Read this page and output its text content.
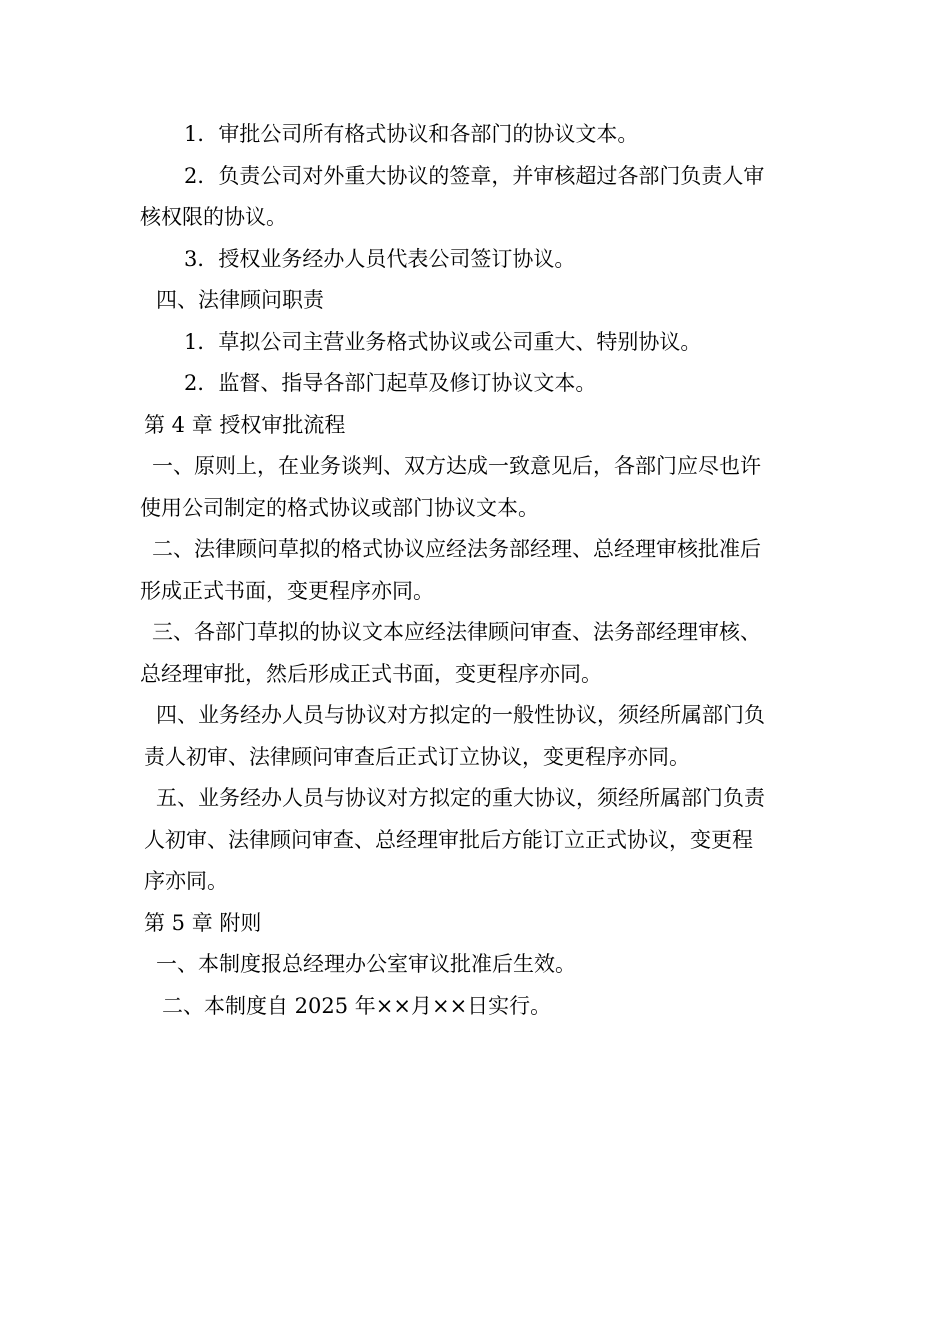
1．审批公司所有格式协议和各部门的协议文本。

2．负责公司对外重大协议的签章，并审核超过各部门负责人审

核权限的协议。

3．授权业务经办人员代表公司签订协议。

四、法律顾问职责

1．草拟公司主营业务格式协议或公司重大、特别协议。

2．监督、指导各部门起草及修订协议文本。

第 4 章 授权审批流程

一、原则上，在业务谈判、双方达成一致意见后，各部门应尽也许

使用公司制定的格式协议或部门协议文本。

二、法律顾问草拟的格式协议应经法务部经理、总经理审核批准后

形成正式书面，变更程序亦同。

三、各部门草拟的协议文本应经法律顾问审查、法务部经理审核、

总经理审批，然后形成正式书面，变更程序亦同。

四、业务经办人员与协议对方拟定的一般性协议，须经所属部门负

责人初审、法律顾问审查后正式订立协议，变更程序亦同。

五、业务经办人员与协议对方拟定的重大协议，须经所属部门负责

人初审、法律顾问审查、总经理审批后方能订立正式协议，变更程

序亦同。

第 5 章 附则

一、本制度报总经理办公室审议批准后生效。

二、本制度自 2025 年××月××日实行。
